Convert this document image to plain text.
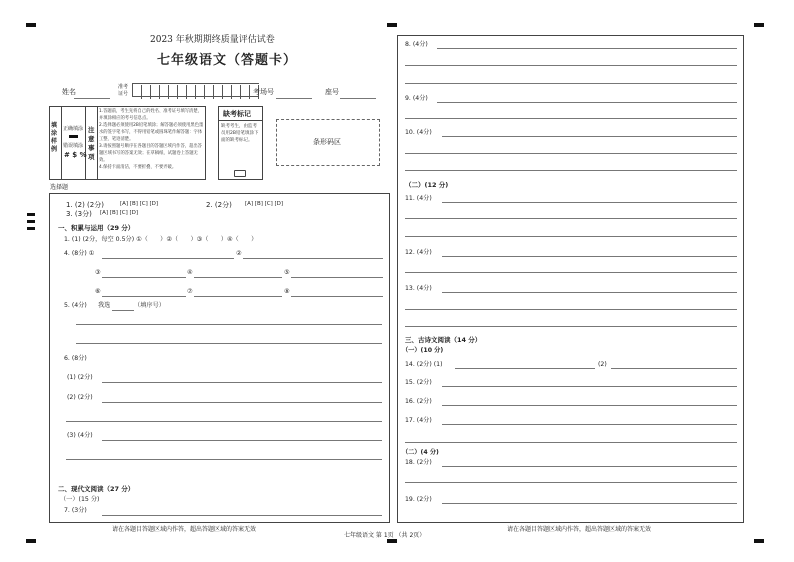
2023 年秋期期终质量评估试卷
七年级语文（答题卡）
姓名
准考
证号	考场号	座号
填涂样例
正确填涂
错误填涂
# $ %
注意事项
1.答题前，考生先将自己的姓名、准考证号填写清楚，并填涂相应的考号信息点。
2.选择题必须使用2B铅笔填涂；解答题必须使用黑色墨水的签字笔书写，不得用铅笔或圆珠笔作解答题：字体工整、笔迹清楚。
3.请按照题号顺序在各题目的答题区域内作答，超出答题区域书写的答案无效；在草稿纸、试题卷上答题无效。
4.保持卡面清洁，不要折叠、不要弄破。
缺考标记
缺考考生，由监考员用2B铅笔填涂下面的缺考标记。	条形码区
选择题
1. (2) (2分)	[A] [B] [C] [D]	2. (2分) [A] [B] [C] [D]
3. (3分) [A] [B] [C] [D]
一、积累与运用（29 分）
1. (1) (2分，每空 0.5分) ①（　　）②（　　）③（　　）④（　　）
4. (8分) ①	②
③	④	⑤
⑥	⑦	⑧
5. (4分) 我选	（填序号）
6. (8分)
(1) (2分)
(2) (2分)
(3) (4分)
二、现代文阅读（27 分）
（一）(15 分)
7. (3分)
8. (4分)
9. (4分)
10. (4分)
（二）(12 分)
11. (4分)
12. (4分)
13. (4分)
三、古诗文阅读（14 分）
（一）(10 分)
14. (2分) (1)	(2)
15. (2分)
16. (2分)
17. (4分)
（二）(4 分)
18. (2分)
19. (2分)
请在各题目答题区域内作答，超出答题区域的答案无效
七年级语文 第 1页 （共 2页）
请在各题目答题区域内作答，超出答题区域的答案无效
